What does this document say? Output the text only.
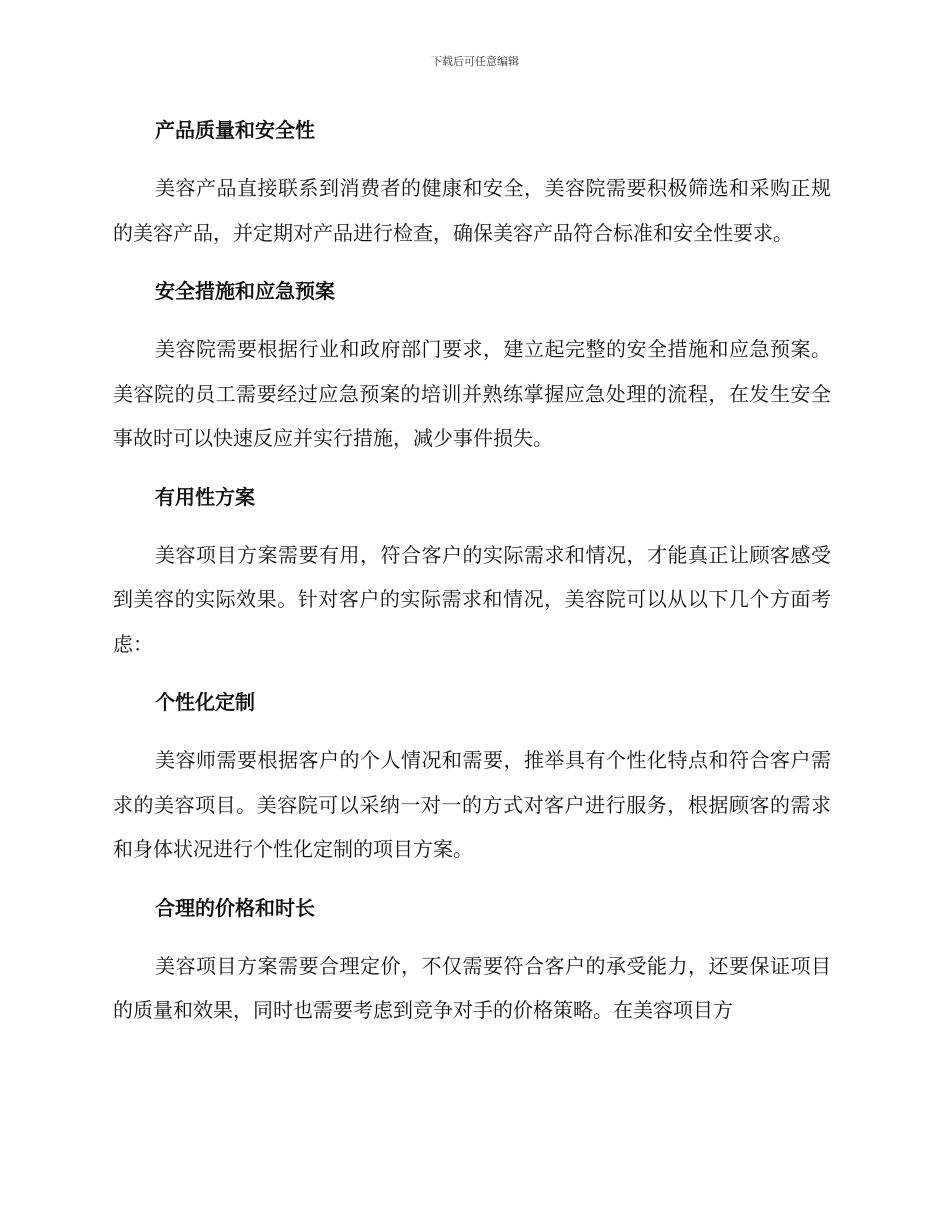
下载后可任意编辑
产品质量和安全性

美容产品直接联系到消费者的健康和安全，美容院需要积极筛选和采购正规的美容产品，并定期对产品进行检查，确保美容产品符合标准和安全性要求。

安全措施和应急预案

美容院需要根据行业和政府部门要求，建立起完整的安全措施和应急预案。美容院的员工需要经过应急预案的培训并熟练掌握应急处理的流程，在发生安全事故时可以快速反应并实行措施，减少事件损失。

有用性方案

美容项目方案需要有用，符合客户的实际需求和情况，才能真正让顾客感受到美容的实际效果。针对客户的实际需求和情况，美容院可以从以下几个方面考虑：

个性化定制

美容师需要根据客户的个人情况和需要，推举具有个性化特点和符合客户需求的美容项目。美容院可以采纳一对一的方式对客户进行服务，根据顾客的需求和身体状况进行个性化定制的项目方案。

合理的价格和时长

美容项目方案需要合理定价，不仅需要符合客户的承受能力，还要保证项目的质量和效果，同时也需要考虑到竞争对手的价格策略。在美容项目方
